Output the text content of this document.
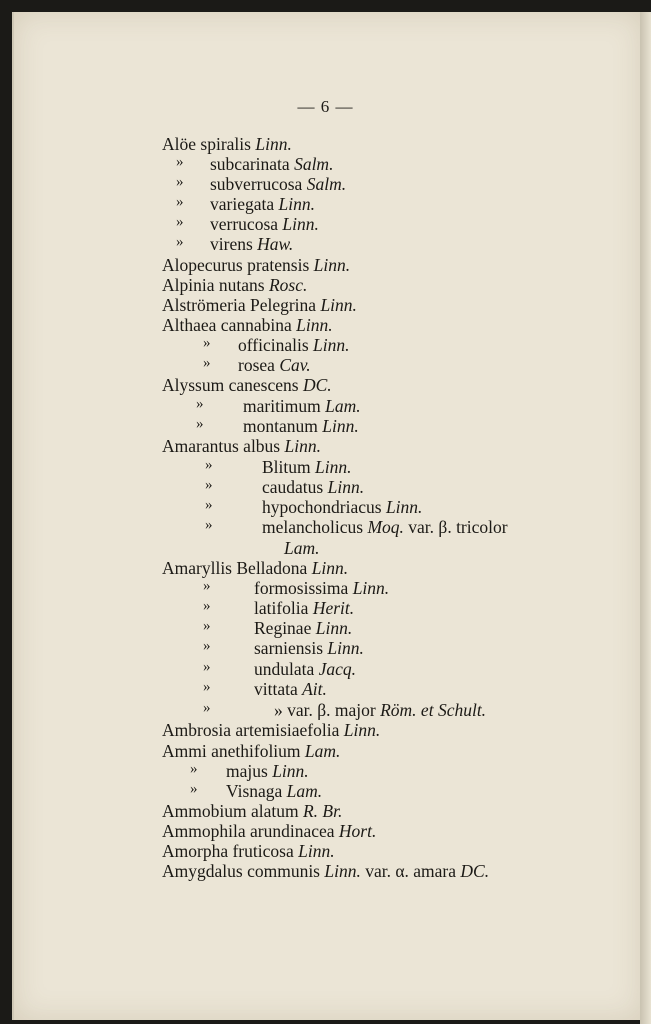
— 6 —
Alöe spiralis Linn.
» subcarinata Salm.
» subverrucosa Salm.
» variegata Linn.
» verrucosa Linn.
» virens Haw.
Alopecurus pratensis Linn.
Alpinia nutans Rosc.
Alströmeria Pelegrina Linn.
Althaea cannabina Linn.
» officinalis Linn.
» rosea Cav.
Alyssum canescens DC.
» maritimum Lam.
» montanum Linn.
Amarantus albus Linn.
»	Blitum Linn.
»	caudatus Linn.
»	hypochondriacus Linn.
»	melancholicus Moq. var. β. tricolor
Lam.
Amaryllis Belladona Linn.
» formosissima Linn.
» latifolia Herit.
» Reginae Linn.
» sarniensis Linn.
» undulata Jacq.
» vittata Ait.
»	» var. β. major Röm. et Schult.
Ambrosia artemisiaefolia Linn.
Ammi anethifolium Lam.
» majus Linn.
» Visnaga Lam.
Ammobium alatum R. Br.
Ammophila arundinacea Hort.
Amorpha fruticosa Linn.
Amygdalus communis Linn. var. α. amara DC.
